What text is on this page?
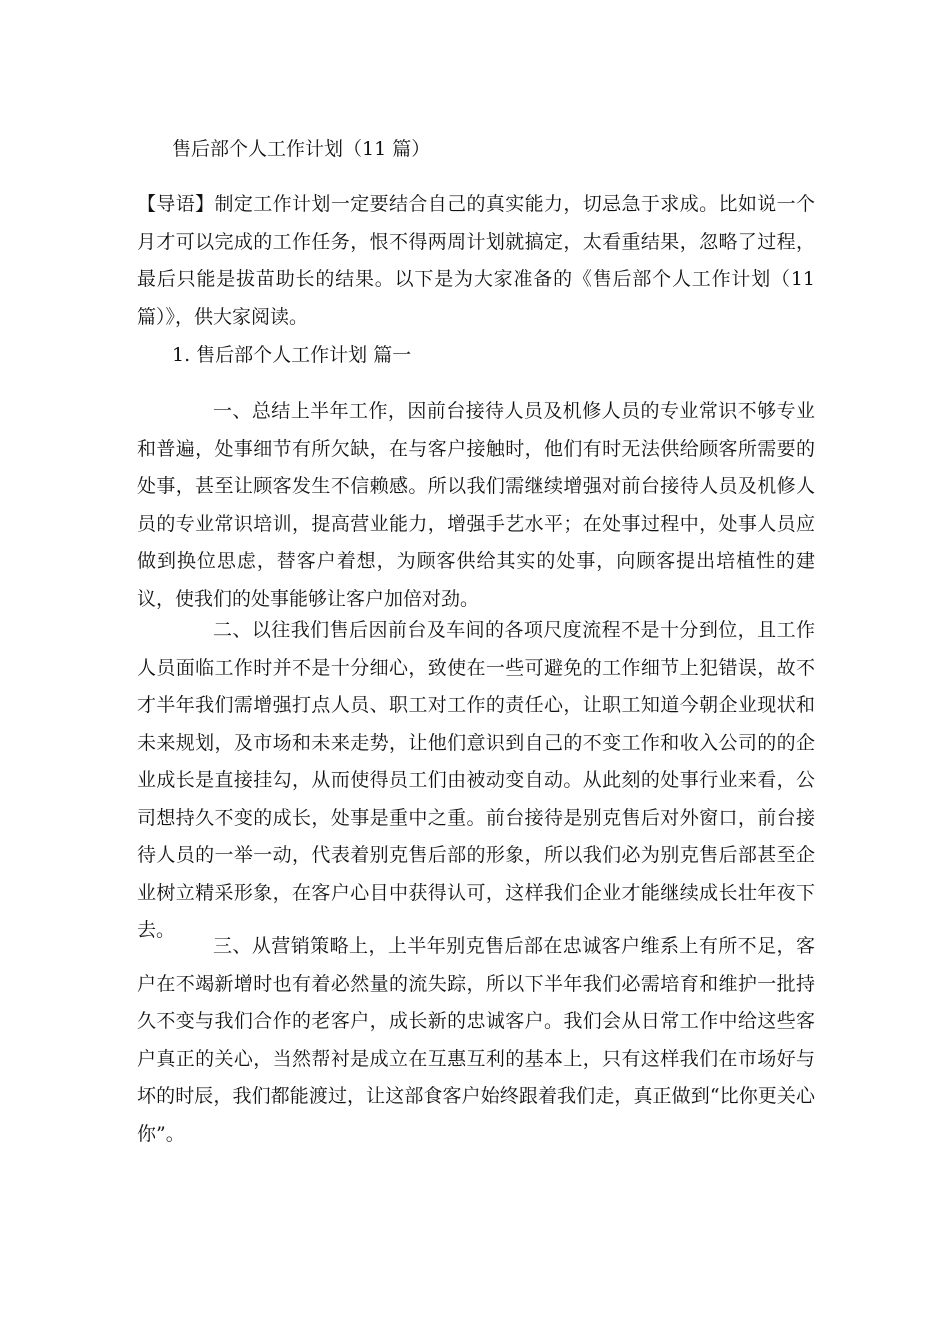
售后部个人工作计划（11 篇）

【导语】制定工作计划一定要结合自己的真实能力，切忌急于求成。比如说一个月才可以完成的工作任务，恨不得两周计划就搞定，太看重结果，忽略了过程，最后只能是拔苗助长的结果。以下是为大家准备的《售后部个人工作计划（11 篇）》，供大家阅读。

1. 售后部个人工作计划 篇一

一、总结上半年工作，因前台接待人员及机修人员的专业常识不够专业和普遍，处事细节有所欠缺，在与客户接触时，他们有时无法供给顾客所需要的处事，甚至让顾客发生不信赖感。所以我们需继续增强对前台接待人员及机修人员的专业常识培训，提高营业能力，增强手艺水平；在处事过程中，处事人员应做到换位思虑，替客户着想，为顾客供给其实的处事，向顾客提出培植性的建议，使我们的处事能够让客户加倍对劲。

二、以往我们售后因前台及车间的各项尺度流程不是十分到位，且工作人员面临工作时并不是十分细心，致使在一些可避免的工作细节上犯错误，故不才半年我们需增强打点人员、职工对工作的责任心，让职工知道今朝企业现状和未来规划，及市场和未来走势，让他们意识到自己的不变工作和收入公司的的企业成长是直接挂勾，从而使得员工们由被动变自动。从此刻的处事行业来看，公司想持久不变的成长，处事是重中之重。前台接待是别克售后对外窗口，前台接待人员的一举一动，代表着别克售后部的形象，所以我们必为别克售后部甚至企业树立精采形象，在客户心目中获得认可，这样我们企业才能继续成长壮年夜下去。

三、从营销策略上，上半年别克售后部在忠诚客户维系上有所不足，客户在不竭新增时也有着必然量的流失踪，所以下半年我们必需培育和维护一批持久不变与我们合作的老客户，成长新的忠诚客户。我们会从日常工作中给这些客户真正的关心，当然帮衬是成立在互惠互利的基本上，只有这样我们在市场好与坏的时辰，我们都能渡过，让这部食客户始终跟着我们走，真正做到“比你更关心你”。
